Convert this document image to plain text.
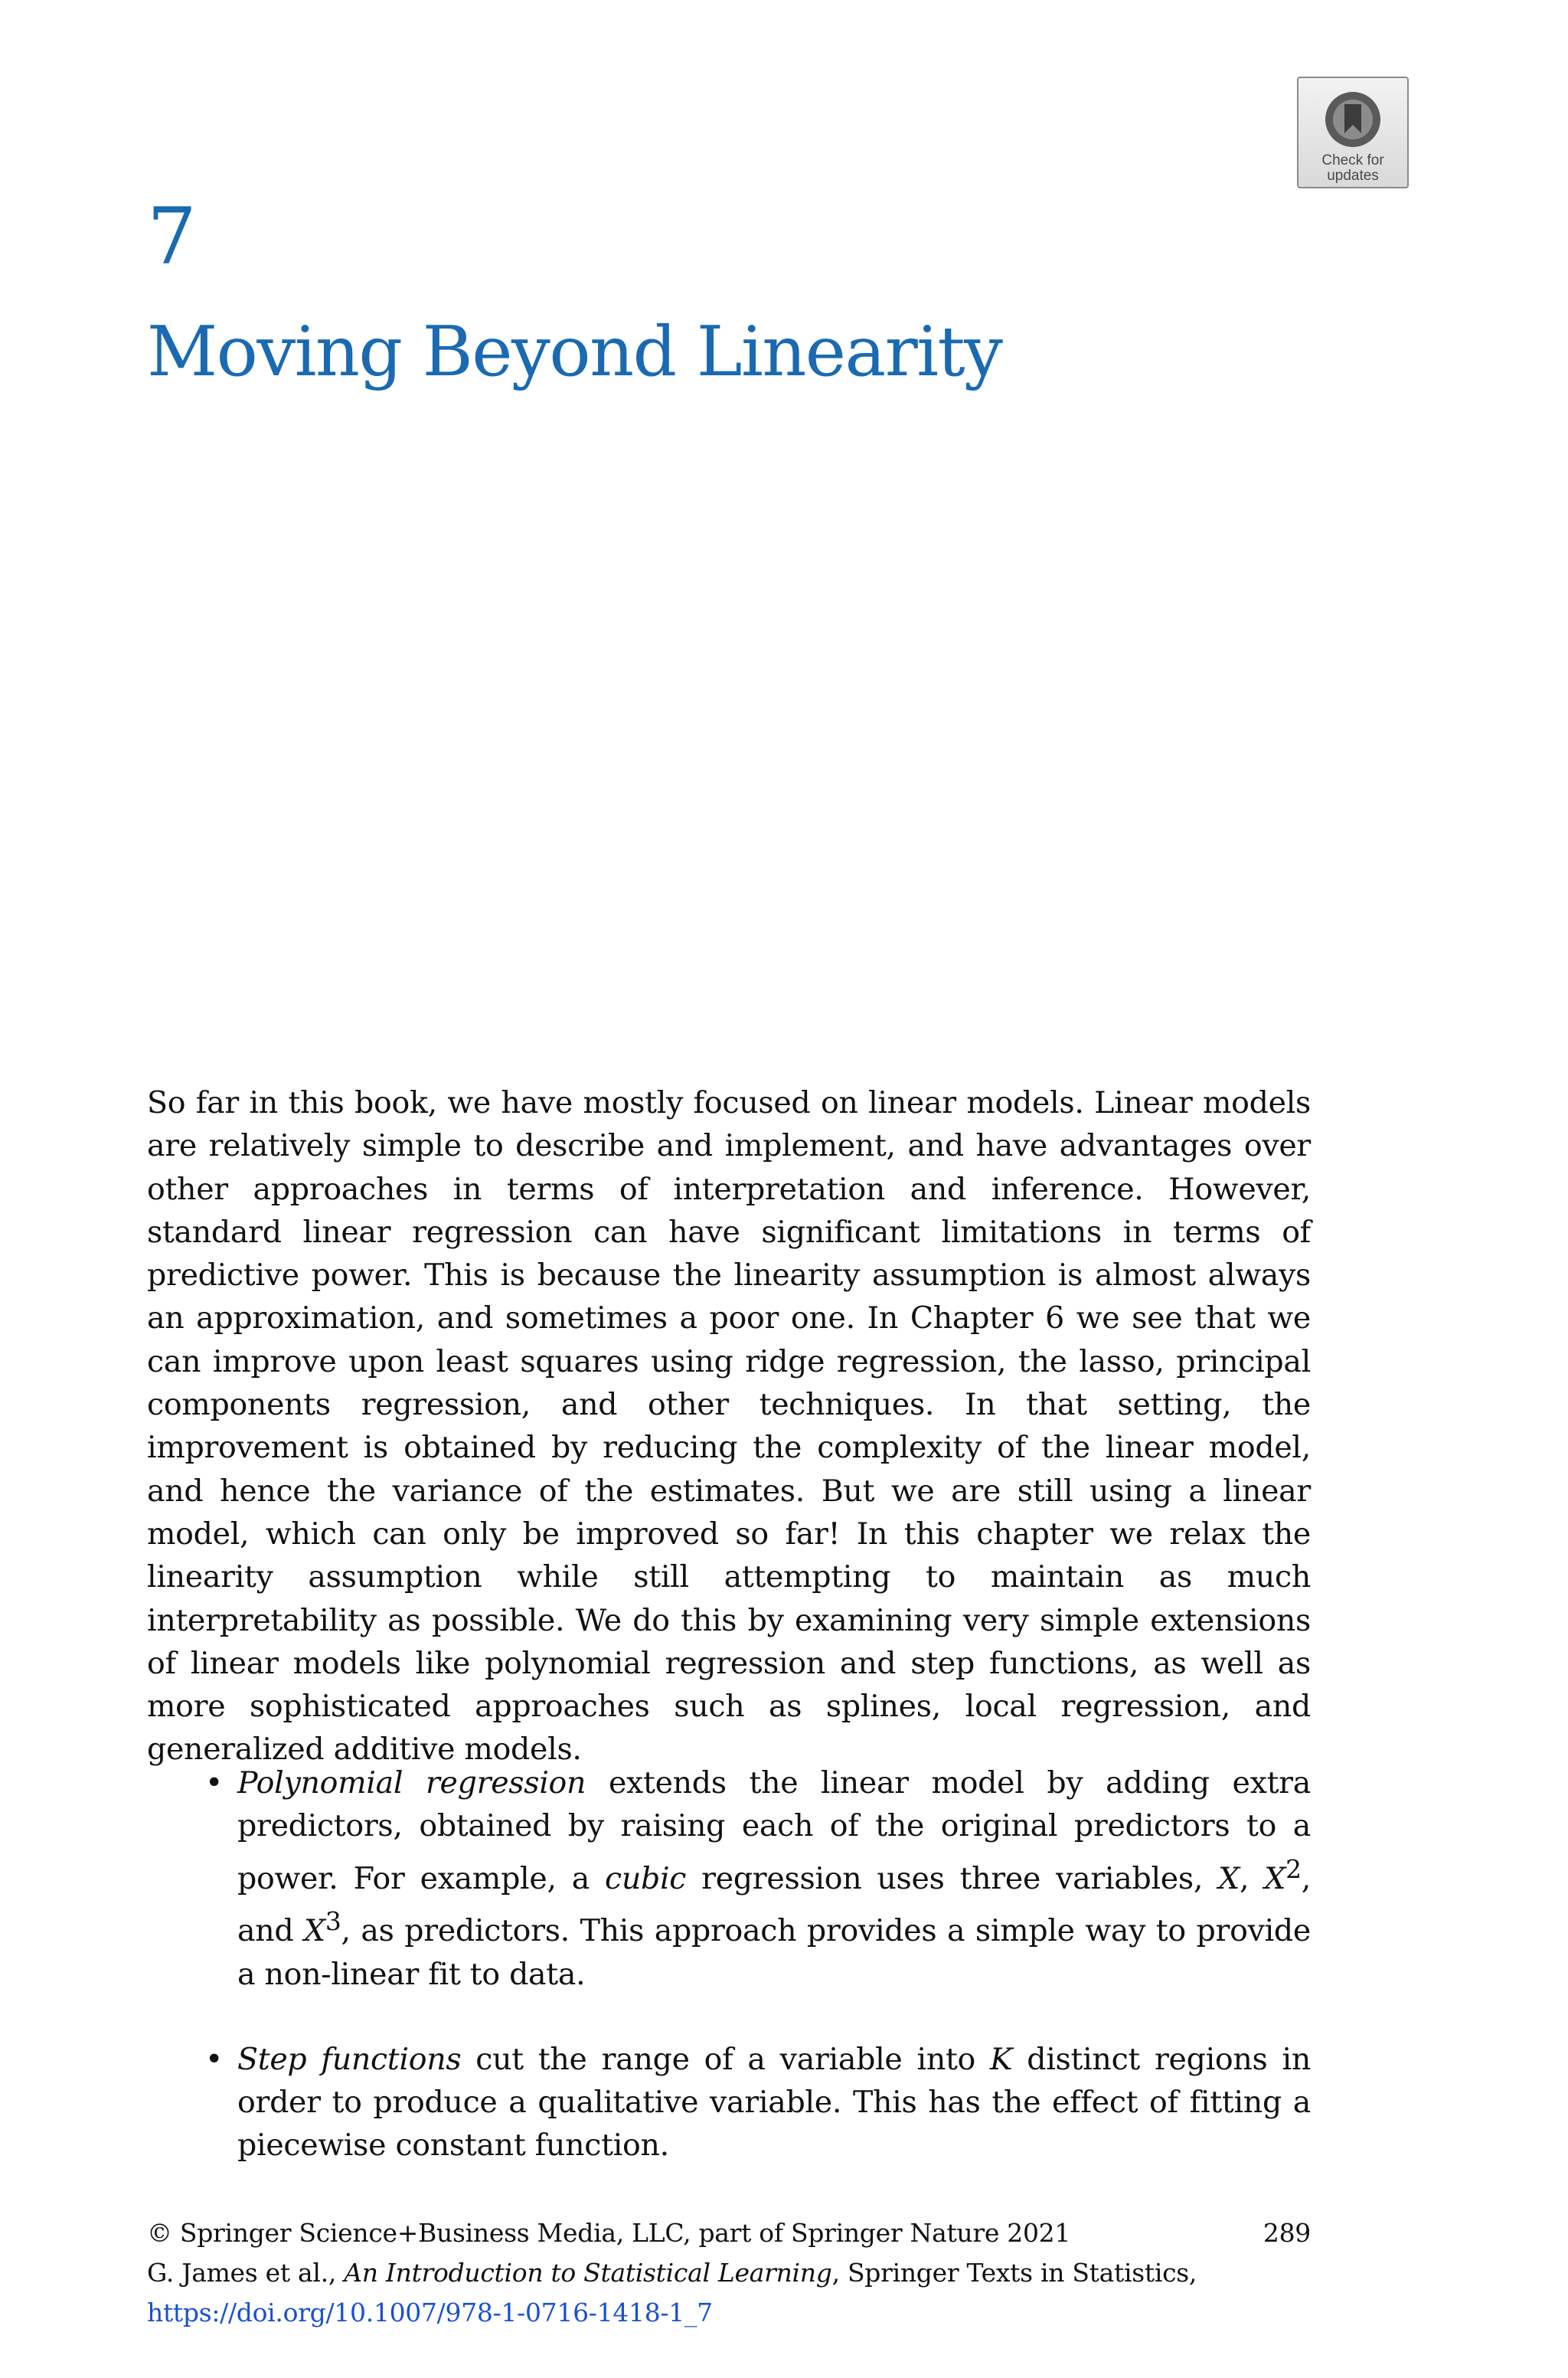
Check for
updates
7
Moving Beyond Linearity

So far in this book, we have mostly focused on linear models. Linear models are relatively simple to describe and implement, and have advantages over other approaches in terms of interpretation and inference. However, standard linear regression can have significant limitations in terms of predictive power. This is because the linearity assumption is almost always an approximation, and sometimes a poor one. In Chapter 6 we see that we can improve upon least squares using ridge regression, the lasso, principal components regression, and other techniques. In that setting, the improvement is obtained by reducing the complexity of the linear model, and hence the variance of the estimates. But we are still using a linear model, which can only be improved so far! In this chapter we relax the linearity assumption while still attempting to maintain as much interpretability as possible. We do this by examining very simple extensions of linear models like polynomial regression and step functions, as well as more sophisticated approaches such as splines, local regression, and generalized additive models.

• Polynomial regression extends the linear model by adding extra predictors, obtained by raising each of the original predictors to a power. For example, a cubic regression uses three variables, X, $X^2$, and $X^3$, as predictors. This approach provides a simple way to provide a non-linear fit to data.
• Step functions cut the range of a variable into K distinct regions in order to produce a qualitative variable. This has the effect of fitting a piecewise constant function.
© Springer Science+Business Media, LLC, part of Springer Nature 2021	289
G. James et al., An Introduction to Statistical Learning, Springer Texts in Statistics,
https://doi.org/10.1007/978-1-0716-1418-1_7
